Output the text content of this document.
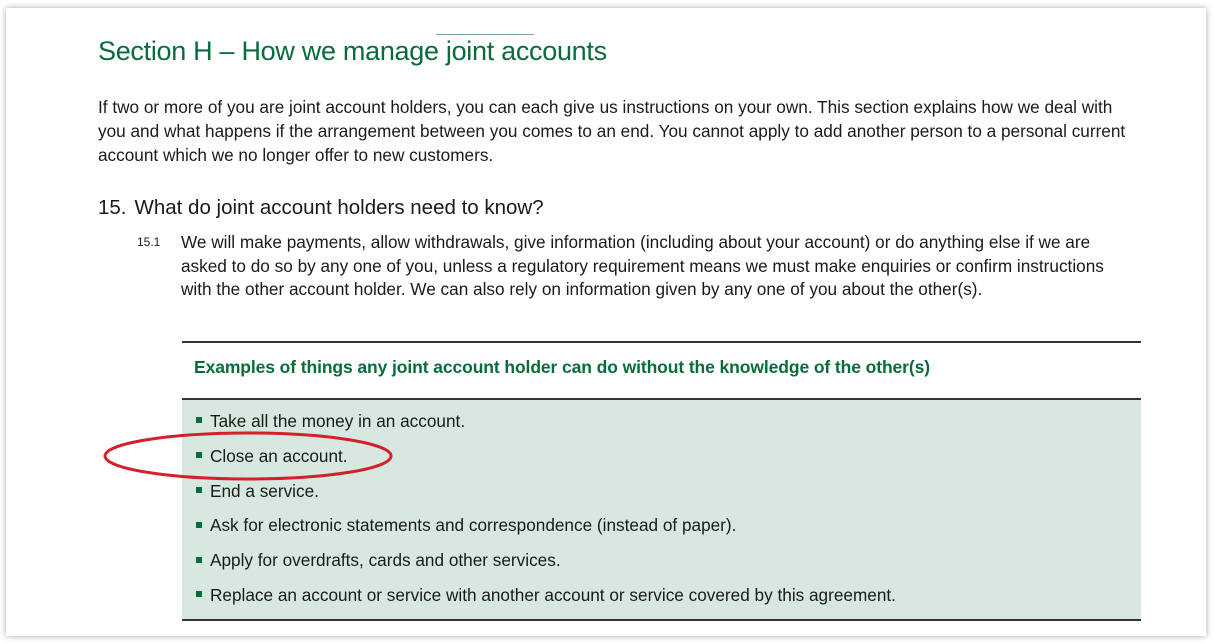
Section H – How we manage joint accounts

If two or more of you are joint account holders, you can each give us instructions on your own. This section explains how we deal with you and what happens if the arrangement between you comes to an end. You cannot apply to add another person to a personal current account which we no longer offer to new customers.

15. What do joint account holders need to know?
15.1 We will make payments, allow withdrawals, give information (including about your account) or do anything else if we are asked to do so by any one of you, unless a regulatory requirement means we must make enquiries or confirm instructions with the other account holder. We can also rely on information given by any one of you about the other(s).

Examples of things any joint account holder can do without the knowledge of the other(s)
Take all the money in an account.
Close an account.
End a service.
Ask for electronic statements and correspondence (instead of paper).
Apply for overdrafts, cards and other services.
Replace an account or service with another account or service covered by this agreement.
